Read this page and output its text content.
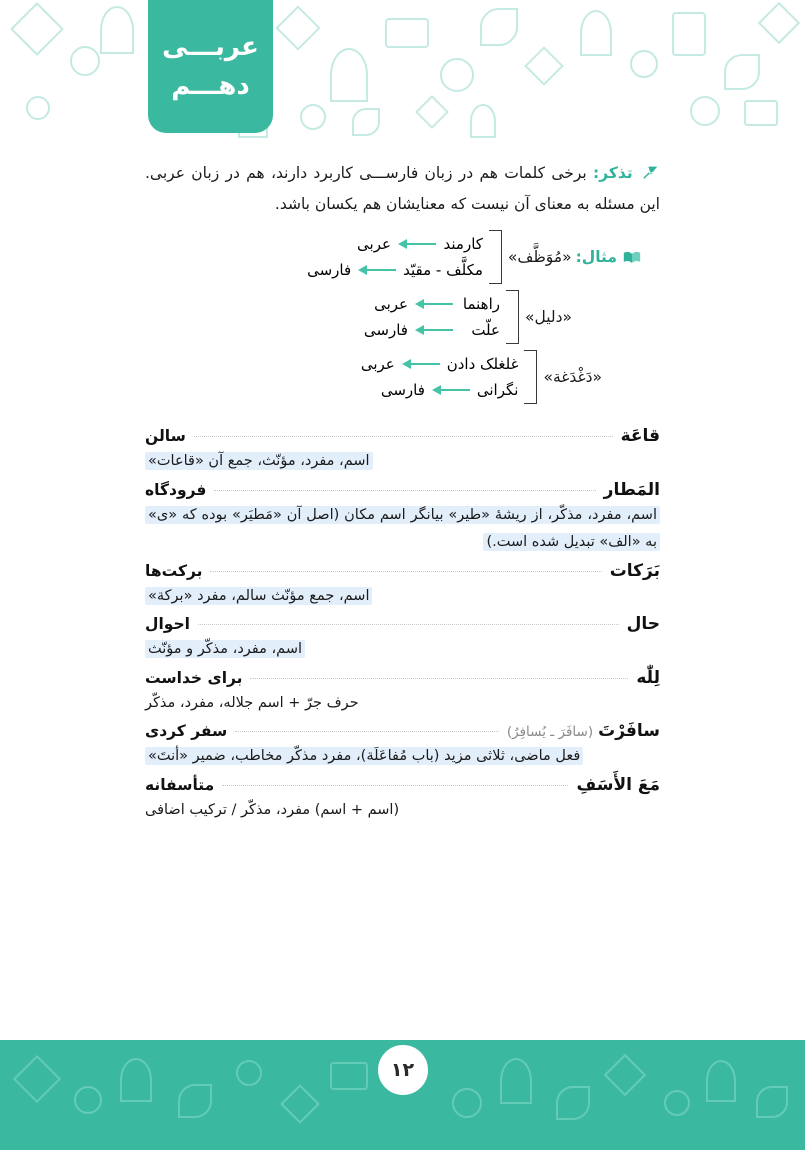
عربـــی
دهـــم
تذکر: برخی کلمات هم در زبان فارســـی کاربرد دارند، هم در زبان عربی. این مسئله به معنای آن نیست که معنایشان هم یکسان باشد.
مثال:
«مُوَظَّف»
کارمند
عربی
مکلَّف - مقیّد
فارسی
«دلیل»
راهنما
عربی
علّت
فارسی
«دَغْدَغة»
غلغلک دادن
عربی
نگرانی
فارسی
قاعَة
سالن
اسم، مفرد، مؤنّث، جمع آن «قاعات»
المَطار
فرودگاه
اسم، مفرد، مذکّر، از ریشهٔ «طیر» بیانگر اسم مکان (اصل آن «مَطیَر» بوده که «ی» به «الف» تبدیل شده است.)
بَرَکات
برکت‌ها
اسم، جمع مؤنّث سالم، مفرد «برکة»
حال
احوال
اسم، مفرد، مذکّر و مؤنّث
لِلّٰه
برای خداست
حرف جرّ + اسم جلاله، مفرد، مذکّر
سافَرْتَ(سافَرَ ـ یُسافِرُ)
سفر کردی
فعل ماضی، ثلاثی مزید (باب مُفاعَلَة)، مفرد مذکّر مخاطب، ضمیر «أنتَ»
مَعَ الأَسَفِ
متأسفانه
(اسم + اسم) مفرد، مذکّر / ترکیب اضافی
۱۲
